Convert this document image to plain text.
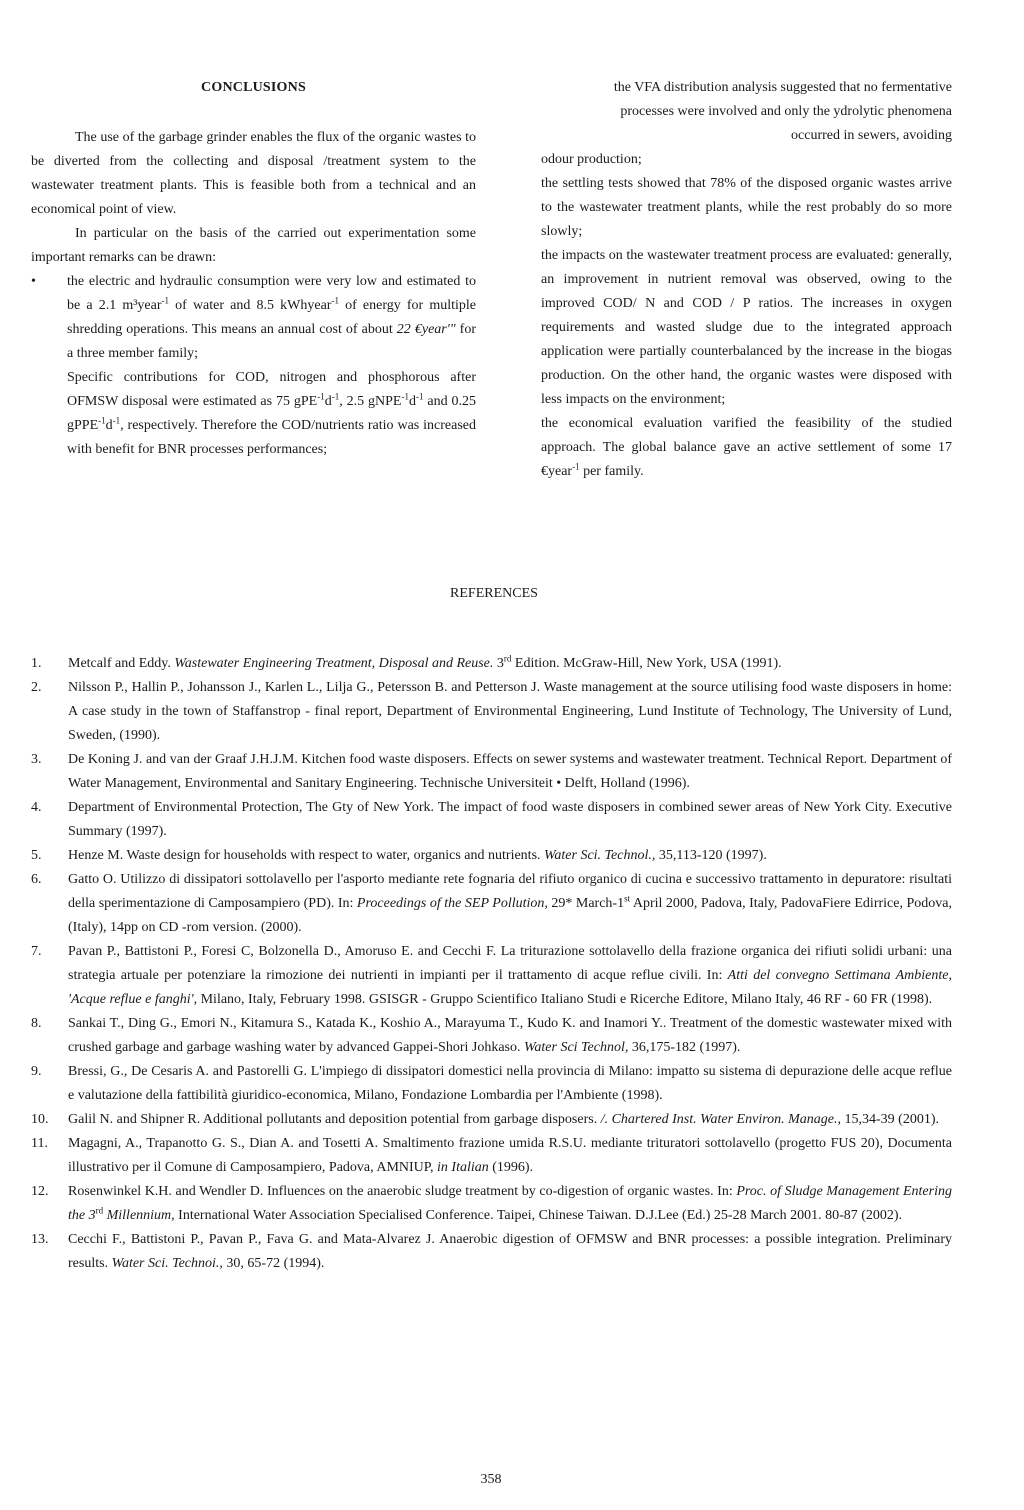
CONCLUSIONS

The use of the garbage grinder enables the flux of the organic wastes to be diverted from the collecting and disposal /treatment system to the wastewater treatment plants. This is feasible both from a technical and an economical point of view.

In particular on the basis of the carried out experimentation some important remarks can be drawn:

• the electric and hydraulic consumption were very low and estimated to be a 2.1 m³year$^{-1}$ of water and 8.5 kWhyear$^{-1}$ of energy for multiple shredding operations. This means an annual cost of about 22 €year'" for a three member family;

Specific contributions for COD, nitrogen and phosphorous after OFMSW disposal were estimated as 75 $gPE^{-1}d^{-1}$, 2.5 $gNPE^{-1}d^{-1}$ and 0.25 $gPPE^{-1}d^{-1}$, respectively. Therefore the COD/nutrients ratio was increased with benefit for BNR processes performances;

the VFA distribution analysis suggested that no fermentative

processes were involved and only the ydrolytic phenomena

occurred in sewers, avoiding

odour production;

the settling tests showed that 78% of the disposed organic wastes arrive to the wastewater treatment plants, while the rest probably do so more slowly;

the impacts on the wastewater treatment process are evaluated: generally, an improvement in nutrient removal was observed, owing to the improved COD/ N and COD / P ratios. The increases in oxygen requirements and wasted sludge due to the integrated approach application were partially counterbalanced by the increase in the biogas production. On the other hand, the organic wastes were disposed with less impacts on the environment;

the economical evaluation varified the feasibility of the studied approach. The global balance gave an active settlement of some 17 €year$^{-1}$ per family.

REFERENCES
1. Metcalf and Eddy. Wastewater Engineering Treatment, Disposal and Reuse. 3rd Edition. McGraw-Hill, New York, USA (1991).
2. Nilsson P., Hallin P., Johansson J., Karlen L., Lilja G., Petersson B. and Petterson J. Waste management at the source utilising food waste disposers in home: A case study in the town of Staffanstrop - final report, Department of Environmental Engineering, Lund Institute of Technology, The University of Lund, Sweden, (1990).
3. De Koning J. and van der Graaf J.H.J.M. Kitchen food waste disposers. Effects on sewer systems and wastewater treatment. Technical Report. Department of Water Management, Environmental and Sanitary Engineering. Technische Universiteit • Delft, Holland (1996).
4. Department of Environmental Protection, The Gty of New York. The impact of food waste disposers in combined sewer areas of New York City. Executive Summary (1997).
5. Henze M. Waste design for households with respect to water, organics and nutrients. Water Sci. Technol., 35,113-120 (1997).
6. Gatto O. Utilizzo di dissipatori sottolavello per l'asporto mediante rete fognaria del rifiuto organico di cucina e successivo trattamento in depuratore: risultati della sperimentazione di Camposampiero (PD). In: Proceedings of the SEP Pollution, 29* March-1st April 2000, Padova, Italy, PadovaFiere Edirrice, Podova, (Italy), 14pp on CD -rom version. (2000).
7. Pavan P., Battistoni P., Foresi C, Bolzonella D., Amoruso E. and Cecchi F. La triturazione sottolavello della frazione organica dei rifiuti solidi urbani: una strategia artuale per potenziare la rimozione dei nutrienti in impianti per il trattamento di acque reflue civili. In: Atti del convegno Settimana Ambiente, 'Acque reflue e fanghi', Milano, Italy, February 1998. GSISGR - Gruppo Scientifico Italiano Studi e Ricerche Editore, Milano Italy, 46 RF - 60 FR (1998).
8. Sankai T., Ding G., Emori N., Kitamura S., Katada K., Koshio A., Marayuma T., Kudo K. and Inamori Y.. Treatment of the domestic wastewater mixed with crushed garbage and garbage washing water by advanced Gappei-Shori Johkaso. Water Sci Technol, 36,175-182 (1997).
9. Bressi, G., De Cesaris A. and Pastorelli G. L'impiego di dissipatori domestici nella provincia di Milano: impatto su sistema di depurazione delle acque reflue e valutazione della fattibilità giuridico-economica, Milano, Fondazione Lombardia per l'Ambiente (1998).
10. Galil N. and Shipner R. Additional pollutants and deposition potential from garbage disposers. /. Chartered Inst. Water Environ. Manage., 15,34-39 (2001).
11. Magagni, A., Trapanotto G. S., Dian A. and Tosetti A. Smaltimento frazione umida R.S.U. mediante trituratori sottolavello (progetto FUS 20), Documenta illustrativo per il Comune di Camposampiero, Padova, AMNIUP, in Italian (1996).
12. Rosenwinkel K.H. and Wendler D. Influences on the anaerobic sludge treatment by co-digestion of organic wastes. In: Proc. of Sludge Management Entering the 3rd Millennium, International Water Association Specialised Conference. Taipei, Chinese Taiwan. D.J.Lee (Ed.) 25-28 March 2001. 80-87 (2002).
13. Cecchi F., Battistoni P., Pavan P., Fava G. and Mata-Alvarez J. Anaerobic digestion of OFMSW and BNR processes: a possible integration. Preliminary results. Water Sci. Technoi., 30, 65-72 (1994).
358
